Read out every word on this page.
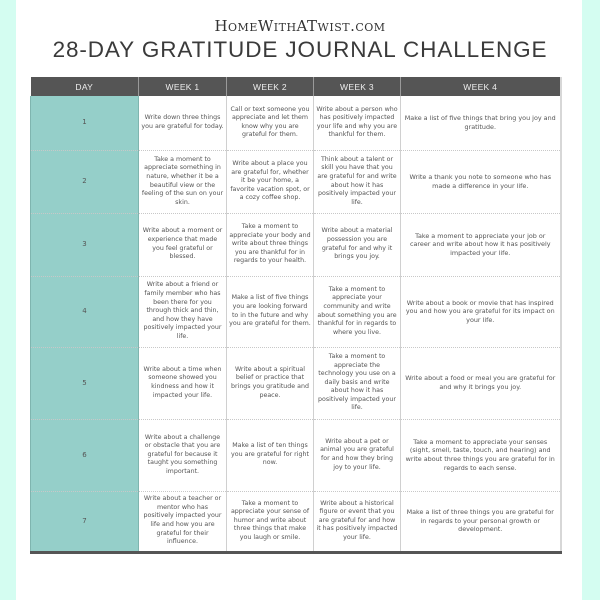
HomeWithATwist.com
28-DAY GRATITUDE JOURNAL CHALLENGE
DAY	WEEK 1	WEEK 2	WEEK 3	WEEK 4
1	Write down three things you are grateful for today.	Call or text someone you appreciate and let them know why you are grateful for them.	Write about a person who has positively impacted your life and why you are thankful for them.	Make a list of five things that bring you joy and gratitude.
2	Take a moment to appreciate something in nature, whether it be a beautiful view or the feeling of the sun on your skin.	Write about a place you are grateful for, whether it be your home, a favorite vacation spot, or a cozy coffee shop.	Think about a talent or skill you have that you are grateful for and write about how it has positively impacted your life.	Write a thank you note to someone who has made a difference in your life.
3	Write about a moment or experience that made you feel grateful or blessed.	Take a moment to appreciate your body and write about three things you are thankful for in regards to your health.	Write about a material possession you are grateful for and why it brings you joy.	Take a moment to appreciate your job or career and write about how it has positively impacted your life.
4	Write about a friend or family member who has been there for you through thick and thin, and how they have positively impacted your life.	Make a list of five things you are looking forward to in the future and why you are grateful for them.	Take a moment to appreciate your community and write about something you are thankful for in regards to where you live.	Write about a book or movie that has inspired you and how you are grateful for its impact on your life.
5	Write about a time when someone showed you kindness and how it impacted your life.	Write about a spiritual belief or practice that brings you gratitude and peace.	Take a moment to appreciate the technology you use on a daily basis and write about how it has positively impacted your life.	Write about a food or meal you are grateful for and why it brings you joy.
6	Write about a challenge or obstacle that you are grateful for because it taught you something important.	Make a list of ten things you are grateful for right now.	Write about a pet or animal you are grateful for and how they bring joy to your life.	Take a moment to appreciate your senses (sight, smell, taste, touch, and hearing) and write about three things you are grateful for in regards to each sense.
7	Write about a teacher or mentor who has positively impacted your life and how you are grateful for their influence.	Take a moment to appreciate your sense of humor and write about three things that make you laugh or smile.	Write about a historical figure or event that you are grateful for and how it has positively impacted your life.	Make a list of three things you are grateful for in regards to your personal growth or development.
